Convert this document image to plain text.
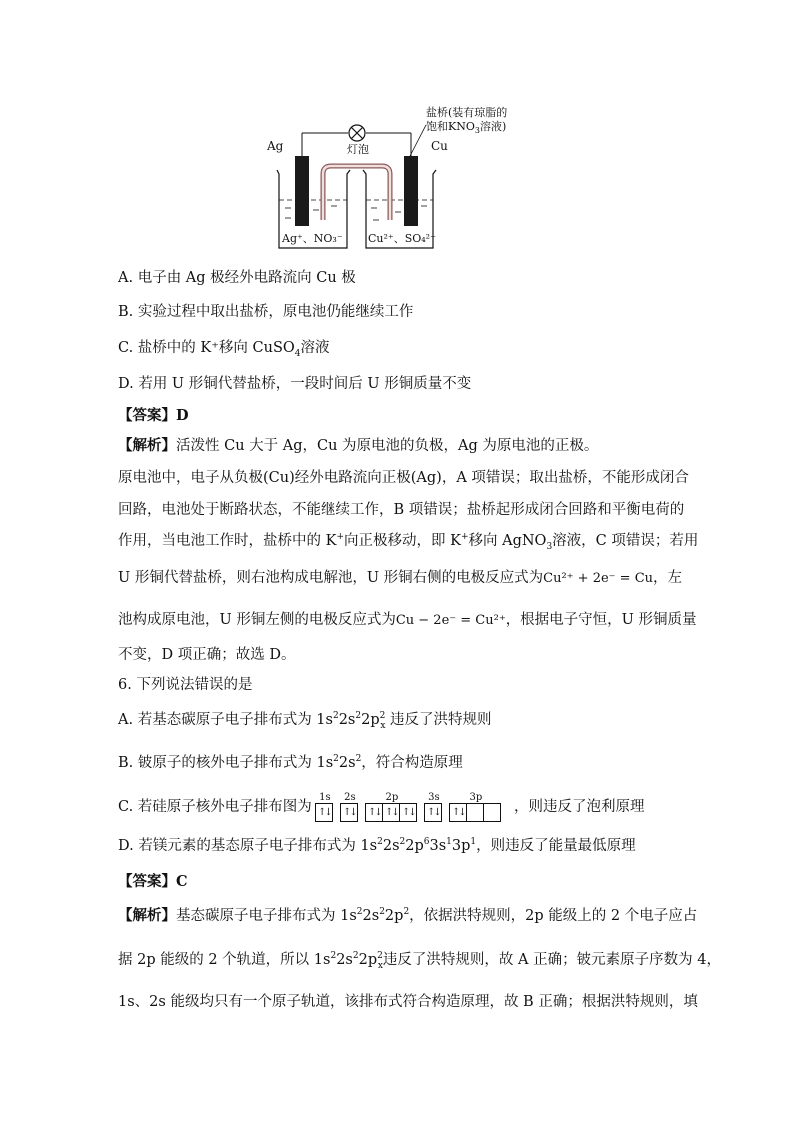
灯泡
Ag	Cu
盐桥(装有琼脂的
饱和$KNO_3$溶液)
Ag⁺、NO₃⁻ Cu²⁺、SO₄²⁻
A. 电子由 Ag 极经外电路流向 Cu 极
B. 实验过程中取出盐桥，原电池仍能继续工作
C. 盐桥中的 K⁺移向 CuSO$_4$溶液
D. 若用 U 形铜代替盐桥，一段时间后 U 形铜质量不变
【答案】D
【解析】活泼性 Cu 大于 Ag，Cu 为原电池的负极，Ag 为原电池的正极。
原电池中，电子从负极(Cu)经外电路流向正极(Ag)，A 项错误；取出盐桥，不能形成闭合
回路，电池处于断路状态，不能继续工作，B 项错误；盐桥起形成闭合回路和平衡电荷的
作用，当电池工作时，盐桥中的 K+向正极移动，即 K+移向 AgNO$_3$溶液，C 项错误；若用
U 形铜代替盐桥，则右池构成电解池，U 形铜右侧的电极反应式为Cu²⁺ + 2e⁻ = Cu，左
池构成原电池，U 形铜左侧的电极反应式为Cu − 2e⁻ = Cu²⁺，根据电子守恒，U 形铜质量
不变，D 项正确；故选 D。
6. 下列说法错误的是
A. 若基态碳原子电子排布式为 $1s^22s^22p^2_x$ 违反了洪特规则
B. 铍原子的核外电子排布式为 $1s^22s^2$，符合构造原理
C. 若硅原子核外电子排布图为
1s
↑↓
2s
↑↓
2p
↑↓ ↑↓ ↑↓
3s
↑↓
3p
↑↓	，则违反了泡利原理
D. 若镁元素的基态原子电子排布式为 $1s^22s^22p^63s^13p^1$，则违反了能量最低原理
【答案】C
【解析】基态碳原子电子排布式为 $1s^22s^22p^2$，依据洪特规则，2p 能级上的 2 个电子应占
据 2p 能级的 2 个轨道，所以 $1s^22s^22p^2_x$违反了洪特规则，故 A 正确；铍元素原子序数为 4，
1s、2s 能级均只有一个原子轨道，该排布式符合构造原理，故 B 正确；根据洪特规则，填
